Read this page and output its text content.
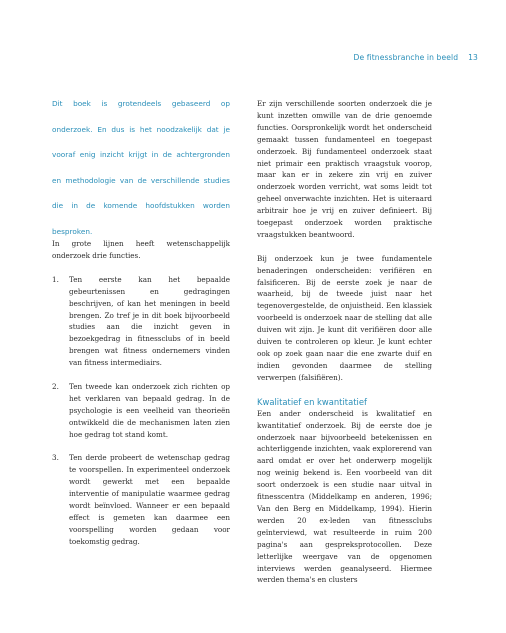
De fitnessbranche in beeld 13

Dit boek is grotendeels gebaseerd op

onderzoek. En dus is het noodzakelijk dat je

vooraf enig inzicht krijgt in de achtergronden

en methodologie van de verschillende studies

die in de komende hoofdstukken worden

besproken.

In grote lijnen heeft wetenschappelijk onderzoek drie functies.

1.	Ten eerste kan het bepaalde gebeurtenissen en gedragingen beschrijven, of kan het meningen in beeld brengen. Zo tref je in dit boek bijvoorbeeld studies aan die inzicht geven in bezoekgedrag in fitnessclubs of in beeld brengen wat fitness ondernemers vinden van fitness intermediairs.
2.	Ten tweede kan onderzoek zich richten op het verklaren van bepaald gedrag. In de psychologie is een veelheid van theorieën ontwikkeld die de mechanismen laten zien hoe gedrag tot stand komt.
3.	Ten derde probeert de wetenschap gedrag te voorspellen. In experimenteel onderzoek wordt gewerkt met een bepaalde interventie of manipulatie waarmee gedrag wordt beïnvloed. Wanneer er een bepaald effect is gemeten kan daarmee een voorspelling worden gedaan voor toekomstig gedrag.

Er zijn verschillende soorten onderzoek die je kunt inzetten omwille van de drie genoemde functies. Oorspronkelijk wordt het onderscheid gemaakt tussen fundamenteel en toegepast onderzoek. Bij fundamenteel onderzoek staat niet primair een praktisch vraagstuk voorop, maar kan er in zekere zin vrij en zuiver onderzoek worden verricht, wat soms leidt tot geheel onverwachte inzichten. Het is uiteraard arbitrair hoe je vrij en zuiver definieert. Bij toegepast onderzoek worden praktische vraagstukken beantwoord.

Bij onderzoek kun je twee fundamentele benaderingen onderscheiden: verifiëren en falsificeren. Bij de eerste zoek je naar de waarheid, bij de tweede juist naar het tegenovergestelde, de onjuistheid. Een klassiek voorbeeld is onderzoek naar de stelling dat alle duiven wit zijn. Je kunt dit verifiëren door alle duiven te controleren op kleur. Je kunt echter ook op zoek gaan naar die ene zwarte duif en indien gevonden daarmee de stelling verwerpen (falsifiëren).

Kwalitatief en kwantitatief

Een ander onderscheid is kwalitatief en kwantitatief onderzoek. Bij de eerste doe je onderzoek naar bijvoorbeeld betekenissen en achterliggende inzichten, vaak explorerend van aard omdat er over het onderwerp mogelijk nog weinig bekend is. Een voorbeeld van dit soort onderzoek is een studie naar uitval in fitnesscentra (Middelkamp en anderen, 1996; Van den Berg en Middelkamp, 1994). Hierin werden 20 ex-leden van fitnessclubs geïnterviewd, wat resulteerde in ruim 200 pagina's aan gespreksprotocollen. Deze letterlijke weergave van de opgenomen interviews werden geanalyseerd. Hiermee werden thema's en clusters
